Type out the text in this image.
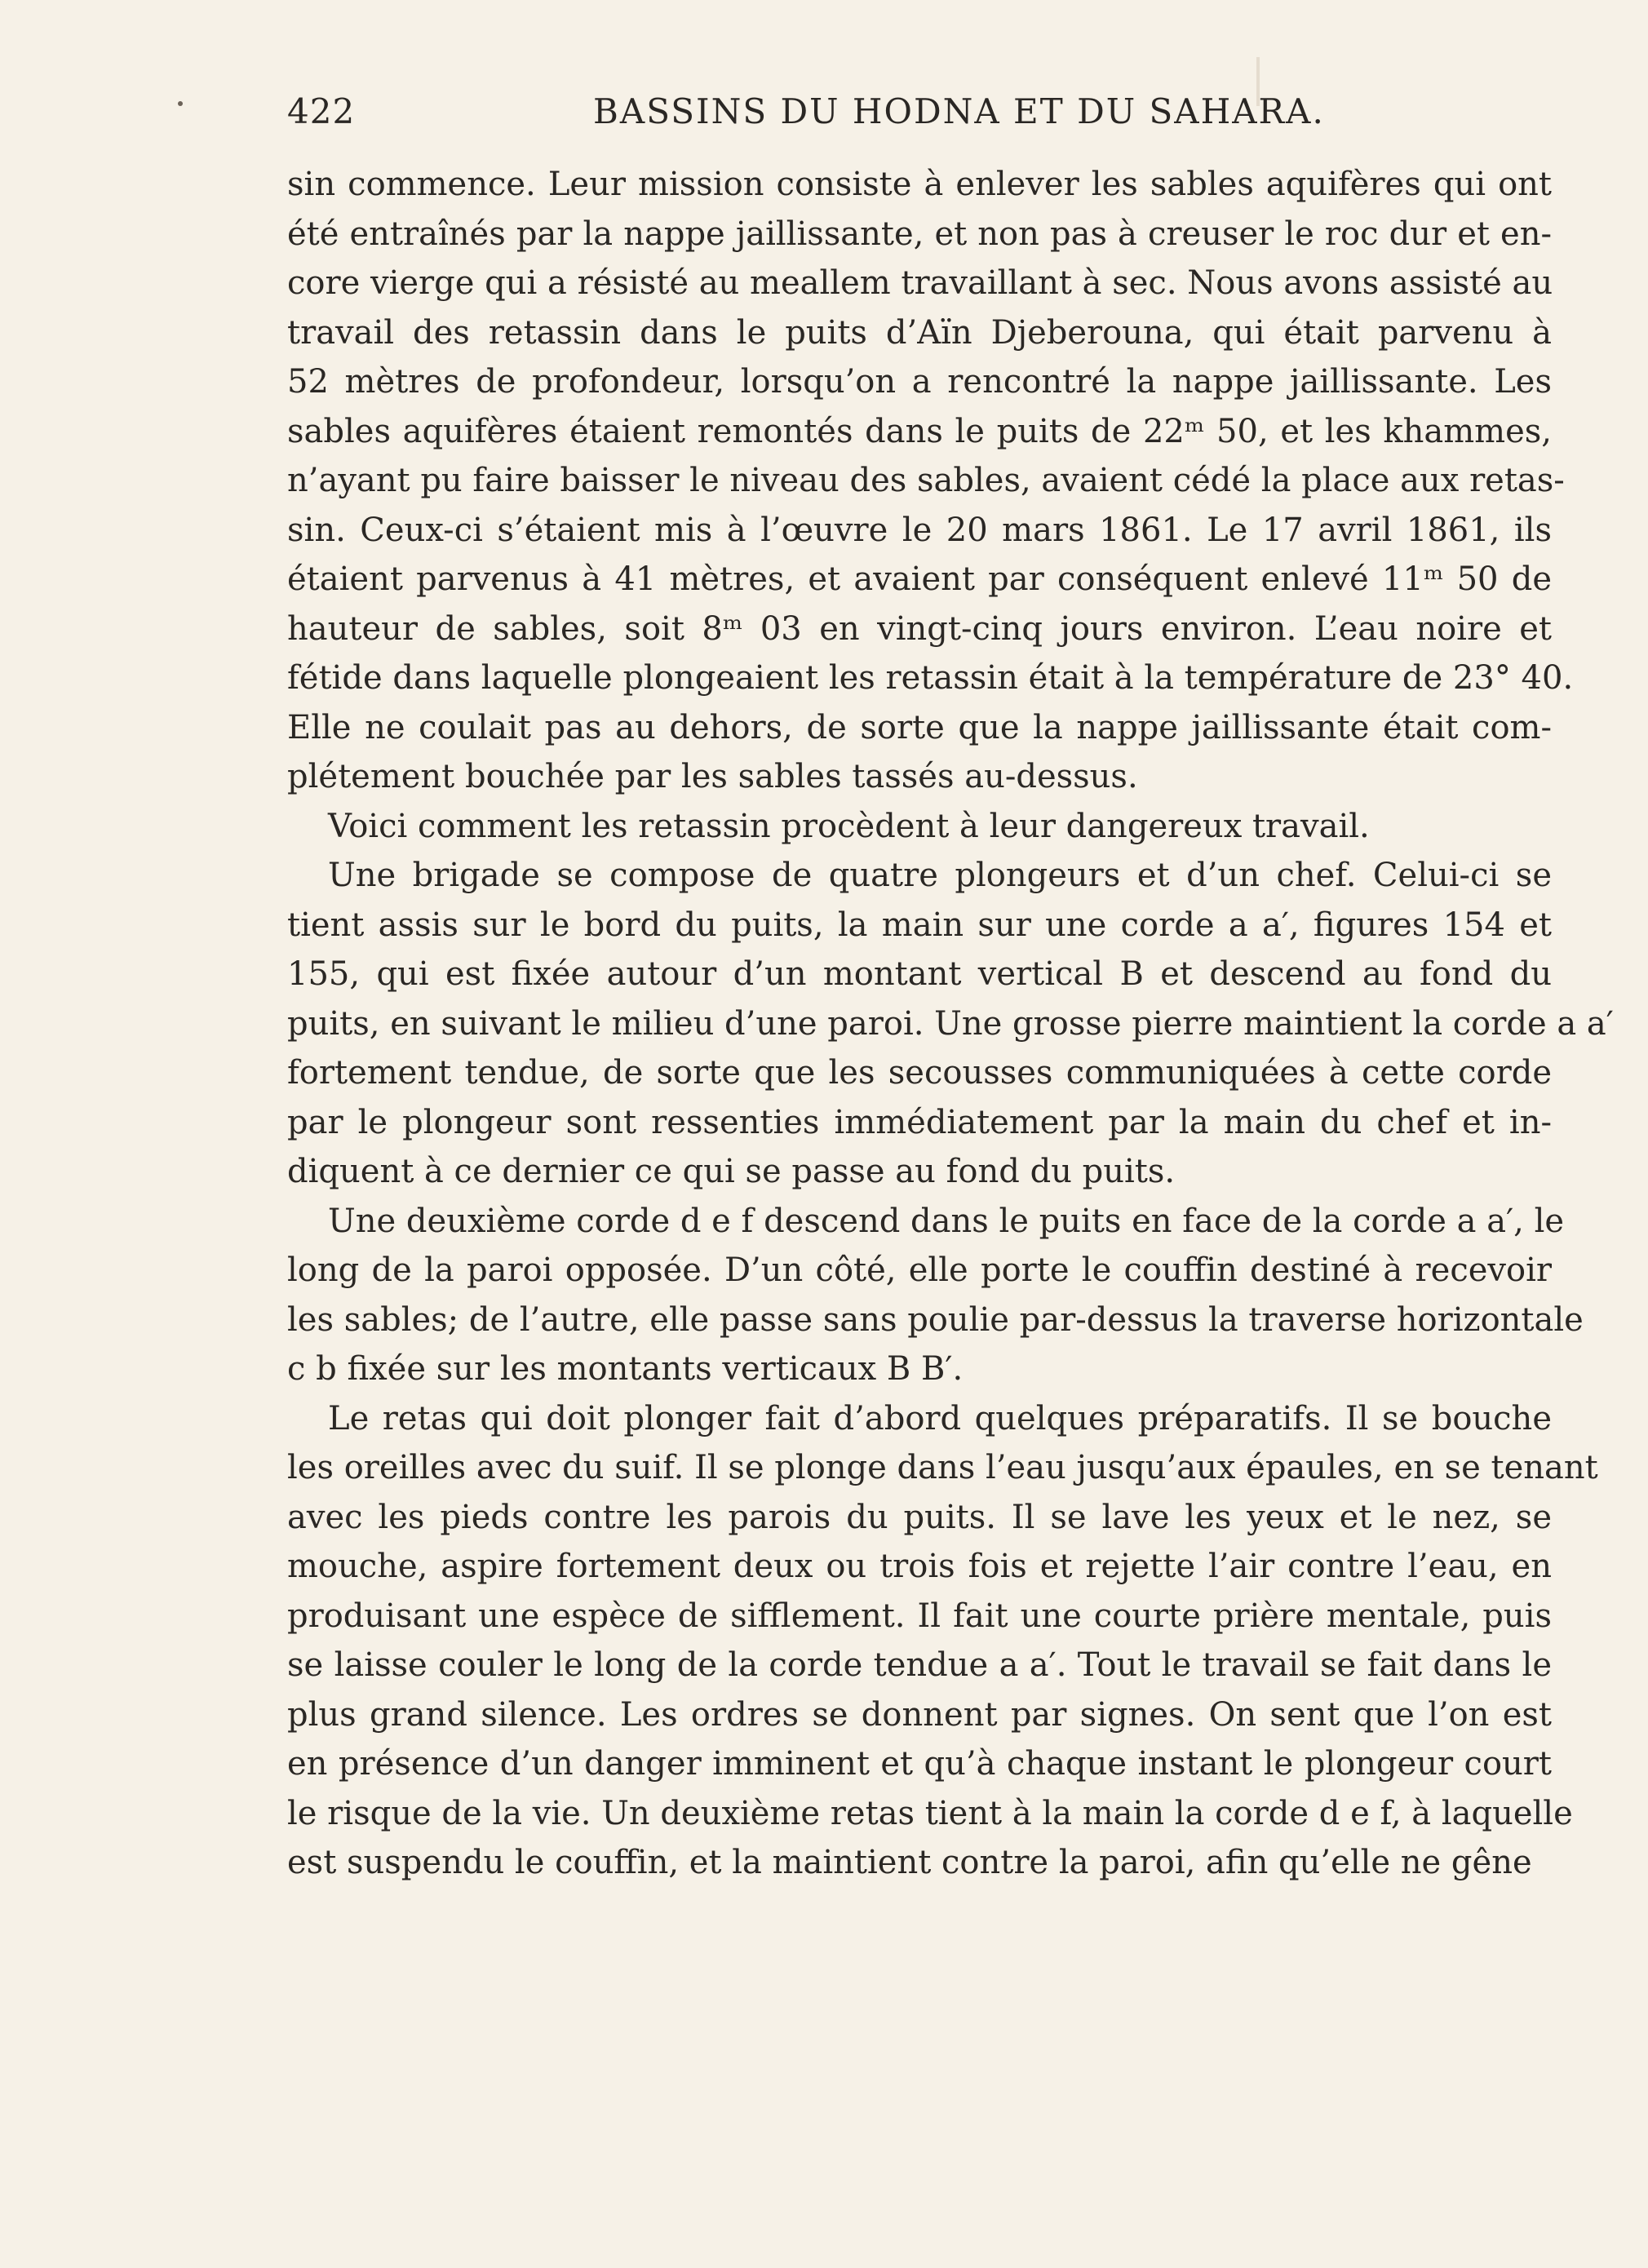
422	BASSINS DU HODNA ET DU SAHARA.
sin commence. Leur mission consiste à enlever les sables aquifères qui ont
été entraînés par la nappe jaillissante, et non pas à creuser le roc dur et en-
core vierge qui a résisté au meallem travaillant à sec. Nous avons assisté au
travail des retassin dans le puits d’Aïn Djeberouna, qui était parvenu à
52 mètres de profondeur, lorsqu’on a rencontré la nappe jaillissante. Les
sables aquifères étaient remontés dans le puits de 22ᵐ 50, et les khammes,
n’ayant pu faire baisser le niveau des sables, avaient cédé la place aux retas-
sin. Ceux-ci s’étaient mis à l’œuvre le 20 mars 1861. Le 17 avril 1861, ils
étaient parvenus à 41 mètres, et avaient par conséquent enlevé 11ᵐ 50 de
hauteur de sables, soit 8ᵐ 03 en vingt-cinq jours environ. L’eau noire et
fétide dans laquelle plongeaient les retassin était à la température de 23° 40.
Elle ne coulait pas au dehors, de sorte que la nappe jaillissante était com-
plétement bouchée par les sables tassés au-dessus.
Voici comment les retassin procèdent à leur dangereux travail.
Une brigade se compose de quatre plongeurs et d’un chef. Celui-ci se
tient assis sur le bord du puits, la main sur une corde a a′, figures 154 et
155, qui est fixée autour d’un montant vertical B et descend au fond du
puits, en suivant le milieu d’une paroi. Une grosse pierre maintient la corde a a′
fortement tendue, de sorte que les secousses communiquées à cette corde
par le plongeur sont ressenties immédiatement par la main du chef et in-
diquent à ce dernier ce qui se passe au fond du puits.
Une deuxième corde d e f descend dans le puits en face de la corde a a′, le
long de la paroi opposée. D’un côté, elle porte le couffin destiné à recevoir
les sables; de l’autre, elle passe sans poulie par-dessus la traverse horizontale
c b fixée sur les montants verticaux B B′.
Le retas qui doit plonger fait d’abord quelques préparatifs. Il se bouche
les oreilles avec du suif. Il se plonge dans l’eau jusqu’aux épaules, en se tenant
avec les pieds contre les parois du puits. Il se lave les yeux et le nez, se
mouche, aspire fortement deux ou trois fois et rejette l’air contre l’eau, en
produisant une espèce de sifflement. Il fait une courte prière mentale, puis
se laisse couler le long de la corde tendue a a′. Tout le travail se fait dans le
plus grand silence. Les ordres se donnent par signes. On sent que l’on est
en présence d’un danger imminent et qu’à chaque instant le plongeur court
le risque de la vie. Un deuxième retas tient à la main la corde d e f, à laquelle
est suspendu le couffin, et la maintient contre la paroi, afin qu’elle ne gêne
